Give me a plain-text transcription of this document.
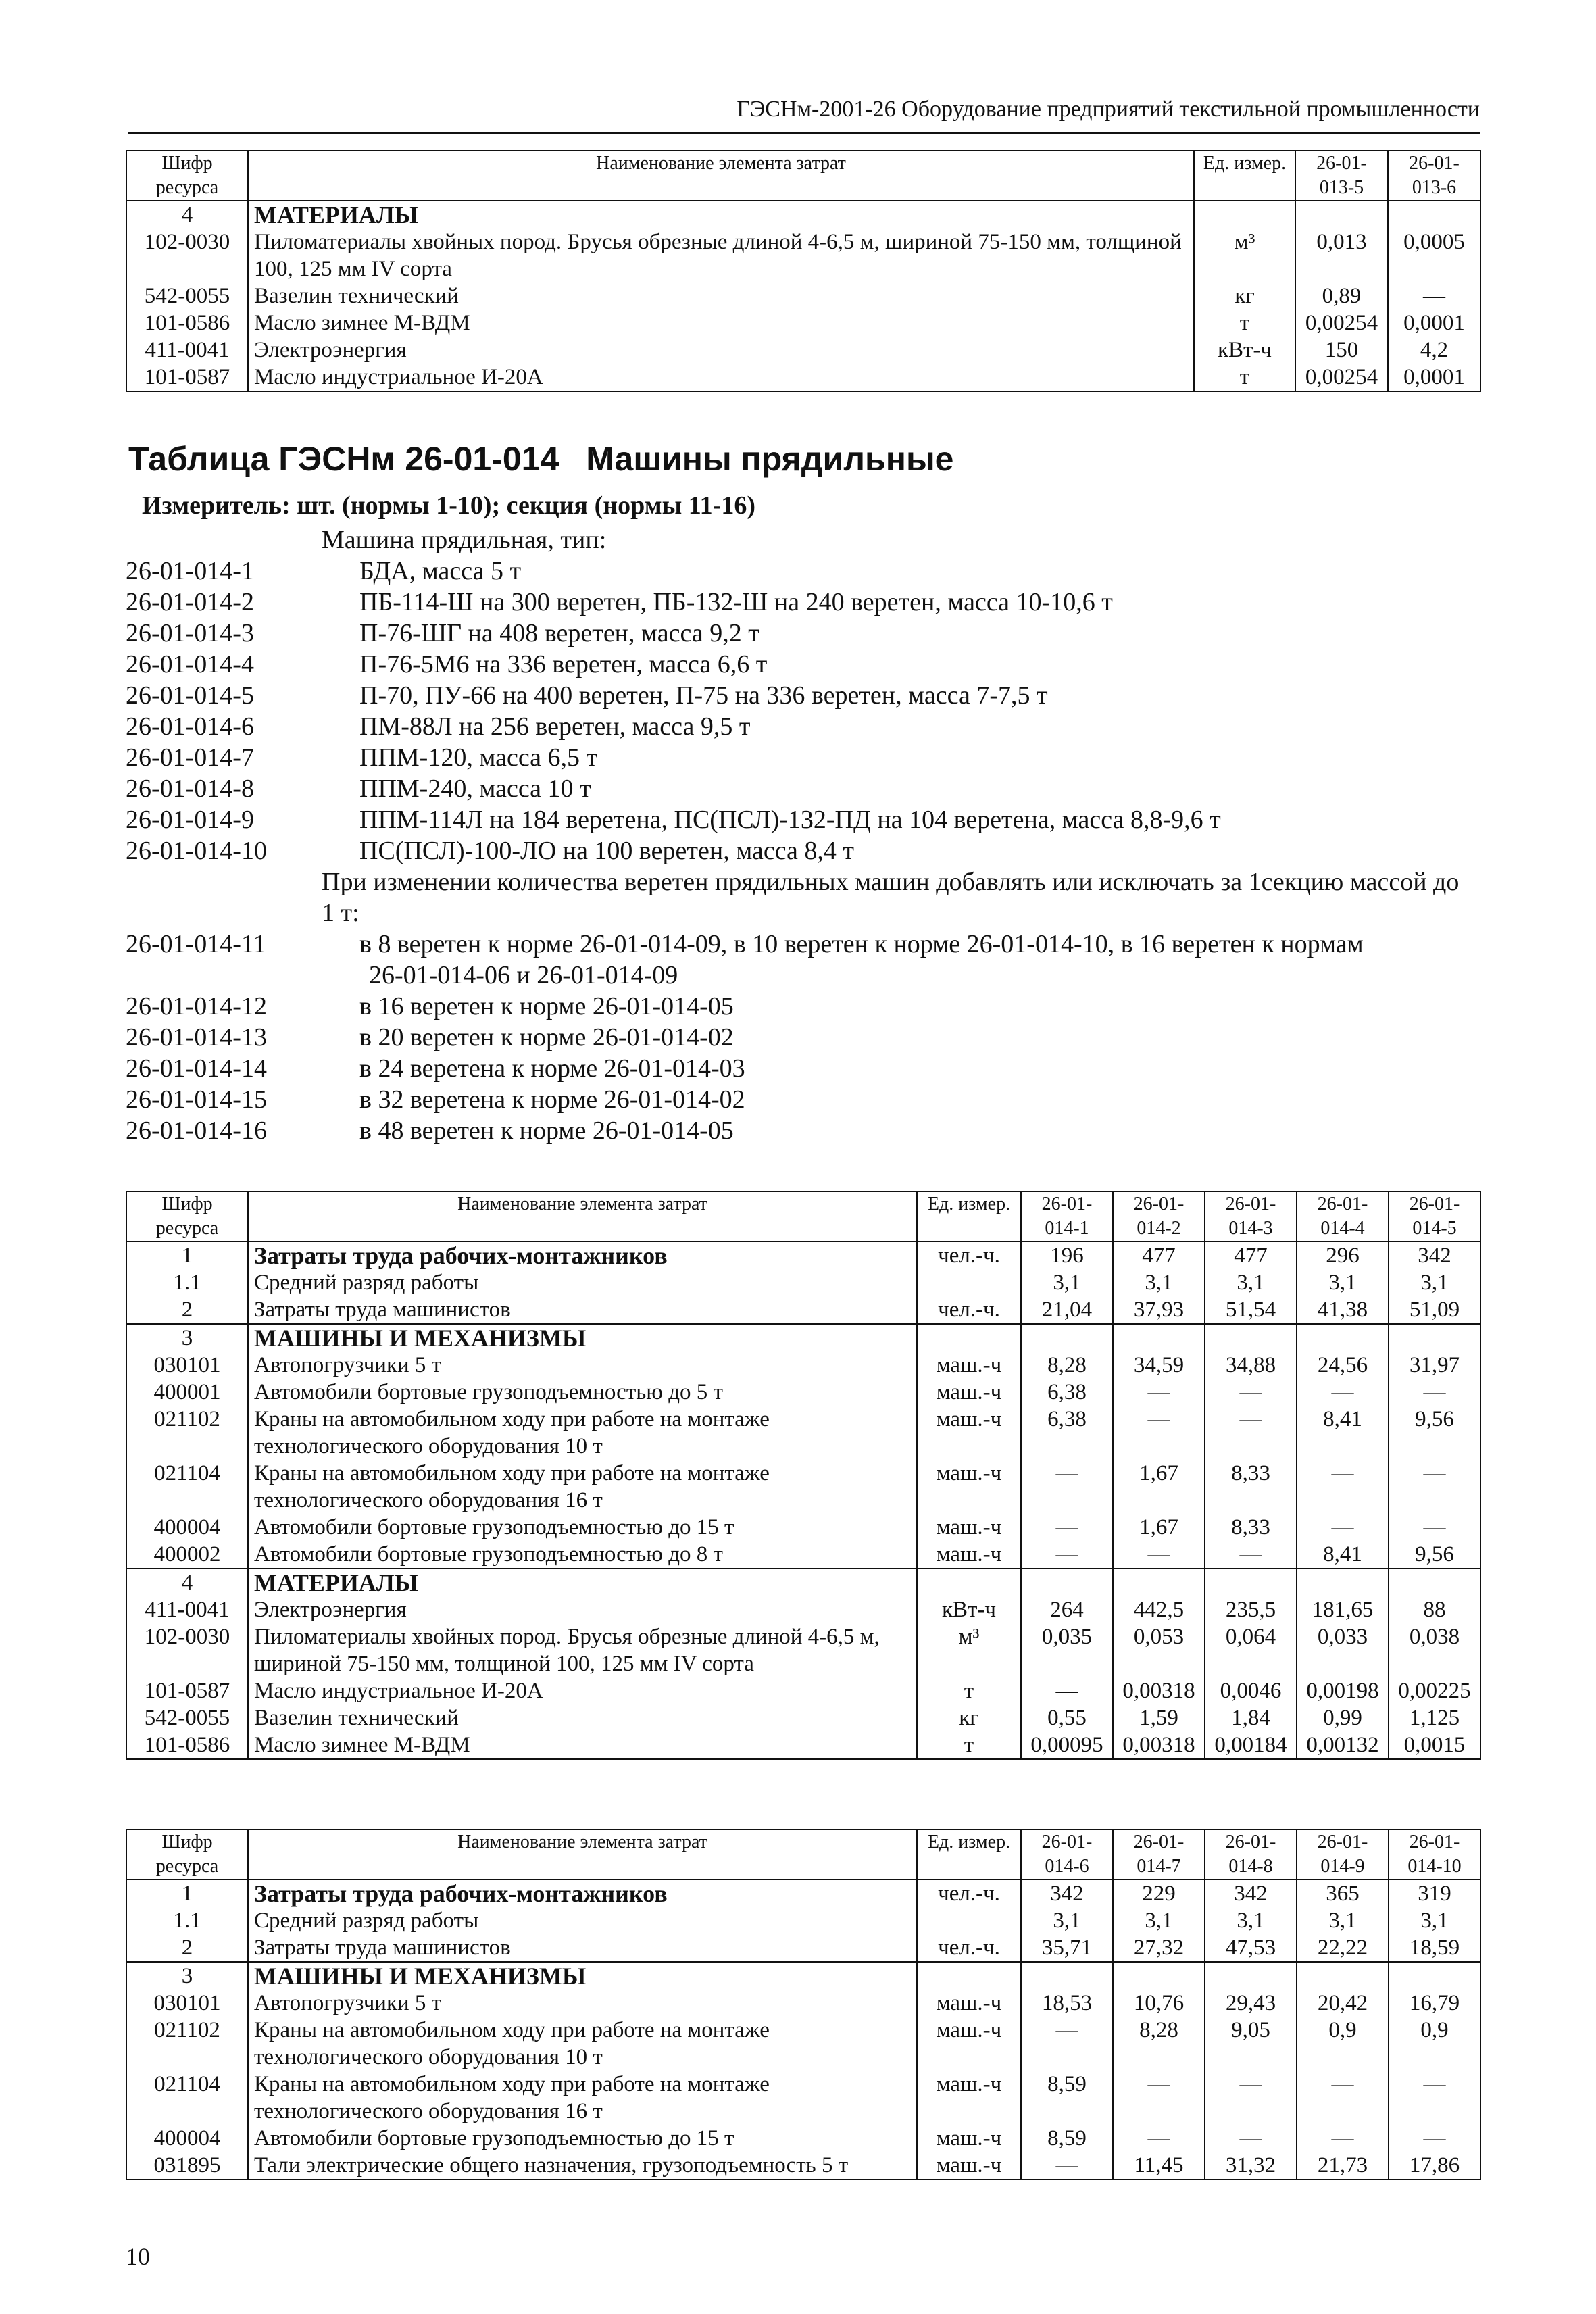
ГЭСНм-2001-26 Оборудование предприятий текстильной промышленности
Шифр ресурса	Наименование элемента затрат	Ед. измер.	26-01-013-5	26-01-013-6
4	МАТЕРИАЛЫ			
102-0030	Пиломатериалы хвойных пород. Брусья обрезные длиной 4-6,5 м, шириной 75-150 мм, толщиной 100, 125 мм IV сорта	м³	0,013	0,0005
542-0055	Вазелин технический	кг	0,89	—
101-0586	Масло зимнее М-ВДМ	т	0,00254	0,0001
411-0041	Электроэнергия	кВт-ч	150	4,2
101-0587	Масло индустриальное И-20А	т	0,00254	0,0001
Таблица ГЭСНм 26-01-014 Машины прядильные
Измеритель: шт. (нормы 1-10); секция (нормы 11-16)
Машина прядильная, тип:
26-01-014-1	БДА, масса 5 т
26-01-014-2	ПБ-114-Ш на 300 веретен, ПБ-132-Ш на 240 веретен, масса 10-10,6 т
26-01-014-3	П-76-ШГ на 408 веретен, масса 9,2 т
26-01-014-4	П-76-5М6 на 336 веретен, масса 6,6 т
26-01-014-5	П-70, ПУ-66 на 400 веретен, П-75 на 336 веретен, масса 7-7,5 т
26-01-014-6	ПМ-88Л на 256 веретен, масса 9,5 т
26-01-014-7	ППМ-120, масса 6,5 т
26-01-014-8	ППМ-240, масса 10 т
26-01-014-9	ППМ-114Л на 184 веретена, ПС(ПСЛ)-132-ПД на 104 веретена, масса 8,8-9,6 т
26-01-014-10	ПС(ПСЛ)-100-ЛО на 100 веретен, масса 8,4 т
При изменении количества веретен прядильных машин добавлять или исключать за 1секцию массой до 1 т:
26-01-014-11	в 8 веретен к норме 26-01-014-09, в 10 веретен к норме 26-01-014-10, в 16 веретен к нормам
26-01-014-06 и 26-01-014-09
26-01-014-12	в 16 веретен к норме 26-01-014-05
26-01-014-13	в 20 веретен к норме 26-01-014-02
26-01-014-14	в 24 веретена к норме 26-01-014-03
26-01-014-15	в 32 веретена к норме 26-01-014-02
26-01-014-16	в 48 веретен к норме 26-01-014-05
Шифр ресурса	Наименование элемента затрат	Ед. измер.	26-01-014-1	26-01-014-2	26-01-014-3	26-01-014-4	26-01-014-5
1	Затраты труда рабочих-монтажников	чел.-ч.	196	477	477	296	342
1.1	Средний разряд работы		3,1	3,1	3,1	3,1	3,1
2	Затраты труда машинистов	чел.-ч.	21,04	37,93	51,54	41,38	51,09
3	МАШИНЫ И МЕХАНИЗМЫ						
030101	Автопогрузчики 5 т	маш.-ч	8,28	34,59	34,88	24,56	31,97
400001	Автомобили бортовые грузоподъемностью до 5 т	маш.-ч	6,38	—	—	—	—
021102	Краны на автомобильном ходу при работе на монтаже технологического оборудования 10 т	маш.-ч	6,38	—	—	8,41	9,56
021104	Краны на автомобильном ходу при работе на монтаже технологического оборудования 16 т	маш.-ч	—	1,67	8,33	—	—
400004	Автомобили бортовые грузоподъемностью до 15 т	маш.-ч	—	1,67	8,33	—	—
400002	Автомобили бортовые грузоподъемностью до 8 т	маш.-ч	—	—	—	8,41	9,56
4	МАТЕРИАЛЫ						
411-0041	Электроэнергия	кВт-ч	264	442,5	235,5	181,65	88
102-0030	Пиломатериалы хвойных пород. Брусья обрезные длиной 4-6,5 м, шириной 75-150 мм, толщиной 100, 125 мм IV сорта	м³	0,035	0,053	0,064	0,033	0,038
101-0587	Масло индустриальное И-20А	т	—	0,00318	0,0046	0,00198	0,00225
542-0055	Вазелин технический	кг	0,55	1,59	1,84	0,99	1,125
101-0586	Масло зимнее М-ВДМ	т	0,00095	0,00318	0,00184	0,00132	0,0015
Шифр ресурса	Наименование элемента затрат	Ед. измер.	26-01-014-6	26-01-014-7	26-01-014-8	26-01-014-9	26-01-014-10
1	Затраты труда рабочих-монтажников	чел.-ч.	342	229	342	365	319
1.1	Средний разряд работы		3,1	3,1	3,1	3,1	3,1
2	Затраты труда машинистов	чел.-ч.	35,71	27,32	47,53	22,22	18,59
3	МАШИНЫ И МЕХАНИЗМЫ						
030101	Автопогрузчики 5 т	маш.-ч	18,53	10,76	29,43	20,42	16,79
021102	Краны на автомобильном ходу при работе на монтаже технологического оборудования 10 т	маш.-ч	—	8,28	9,05	0,9	0,9
021104	Краны на автомобильном ходу при работе на монтаже технологического оборудования 16 т	маш.-ч	8,59	—	—	—	—
400004	Автомобили бортовые грузоподъемностью до 15 т	маш.-ч	8,59	—	—	—	—
031895	Тали электрические общего назначения, грузоподъемность 5 т	маш.-ч	—	11,45	31,32	21,73	17,86
10
